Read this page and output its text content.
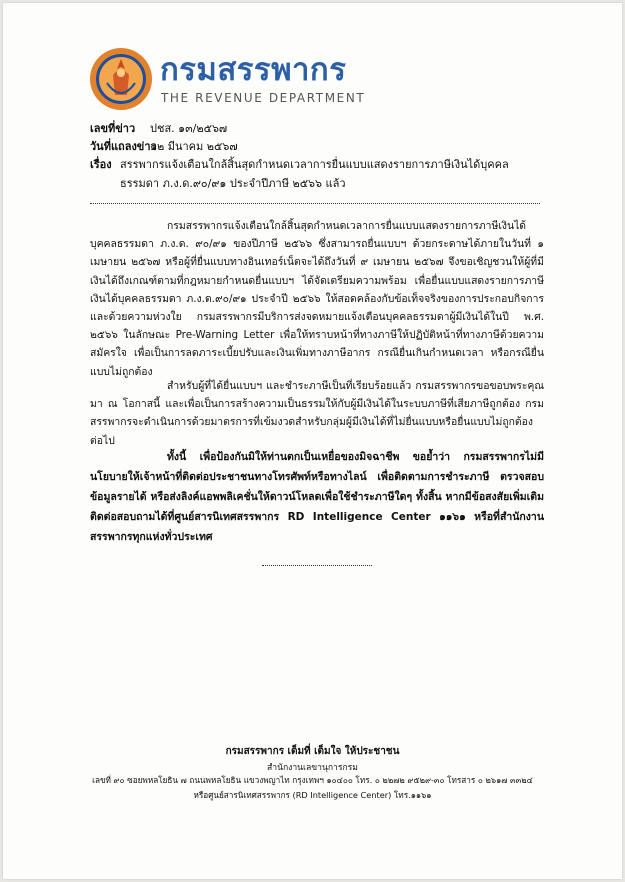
กรมสรรพากร
THE REVENUE DEPARTMENT
เลขที่ข่าว ปชส. ๑๓/๒๕๖๗
วันที่แถลงข่าว
๑๒ มีนาคม ๒๕๖๗
เรื่อง สรรพากรแจ้งเตือนใกล้สิ้นสุดกำหนดเวลาการยื่นแบบแสดงรายการภาษีเงินได้บุคคลธรรมดา ภ.ง.ด.๙๐/๙๑ ประจำปีภาษี ๒๕๖๖ แล้ว

กรมสรรพากรแจ้งเตือนใกล้สิ้นสุดกำหนดเวลาการยื่นแบบแสดงรายการภาษีเงินได้บุคคลธรรมดา ภ.ง.ด. ๙๐/๙๑ ของปีภาษี ๒๕๖๖ ซึ่งสามารถยื่นแบบฯ ด้วยกระดาษได้ภายในวันที่ ๑ เมษายน ๒๕๖๗ หรือผู้ที่ยื่นแบบทางอินเทอร์เน็ตจะได้ถึงวันที่ ๙ เมษายน ๒๕๖๗ จึงขอเชิญชวนให้ผู้ที่มีเงินได้ถึงเกณฑ์ตามที่กฎหมายกำหนดยื่นแบบฯ ได้จัดเตรียมความพร้อม เพื่อยื่นแบบแสดงรายการภาษีเงินได้บุคคลธรรมดา ภ.ง.ด.๙๐/๙๑ ประจำปี ๒๕๖๖ ให้สอดคล้องกับข้อเท็จจริงของการประกอบกิจการ และด้วยความห่วงใย กรมสรรพากรมีบริการส่งจดหมายแจ้งเตือนบุคคลธรรมดาผู้มีเงินได้ในปี พ.ศ. ๒๕๖๖ ในลักษณะ Pre-Warning Letter เพื่อให้ทราบหน้าที่ทางภาษีให้ปฏิบัติหน้าที่ทางภาษีด้วยความสมัครใจ เพื่อเป็นการลดภาระเบี้ยปรับและเงินเพิ่มทางภาษีอากร กรณียื่นเกินกำหนดเวลา หรือกรณียื่นแบบไม่ถูกต้อง

สำหรับผู้ที่ได้ยื่นแบบฯ และชำระภาษีเป็นที่เรียบร้อยแล้ว กรมสรรพากรขอขอบพระคุณมา ณ โอกาสนี้ และเพื่อเป็นการสร้างความเป็นธรรมให้กับผู้มีเงินได้ในระบบภาษีที่เสียภาษีถูกต้อง กรมสรรพากรจะดำเนินการด้วยมาตรการที่เข้มงวดสำหรับกลุ่มผู้มีเงินได้ที่ไม่ยื่นแบบหรือยื่นแบบไม่ถูกต้องต่อไป

ทั้งนี้ เพื่อป้องกันมิให้ท่านตกเป็นเหยื่อของมิจฉาชีพ ขอย้ำว่า กรมสรรพากรไม่มีนโยบายให้เจ้าหน้าที่ติดต่อประชาชนทางโทรศัพท์หรือทางไลน์ เพื่อติดตามการชำระภาษี ตรวจสอบข้อมูลรายได้ หรือส่งลิงค์แอพพลิเคชั่นให้ดาวน์โหลดเพื่อใช้ชำระภาษีใดๆ ทั้งสิ้น หากมีข้อสงสัยเพิ่มเติมติดต่อสอบถามได้ที่ศูนย์สารนิเทศสรรพากร RD Intelligence Center ๑๑๖๑ หรือที่สำนักงานสรรพากรทุกแห่งทั่วประเทศ

กรมสรรพากร เต็มที่ เต็มใจ ให้ประชาชน
สำนักงานเลขานุการกรม
เลขที่ ๙๐ ซอยพหลโยธิน ๗ ถนนพหลโยธิน แขวงพญาไท กรุงเทพฯ ๑๐๔๐๐ โทร. ๐ ๒๒๗๒ ๙๕๒๙-๓๐ โทรสาร ๐ ๒๖๑๗ ๓๓๒๔
หรือศูนย์สารนิเทศสรรพากร (RD Intelligence Center) โทร.๑๑๖๑
